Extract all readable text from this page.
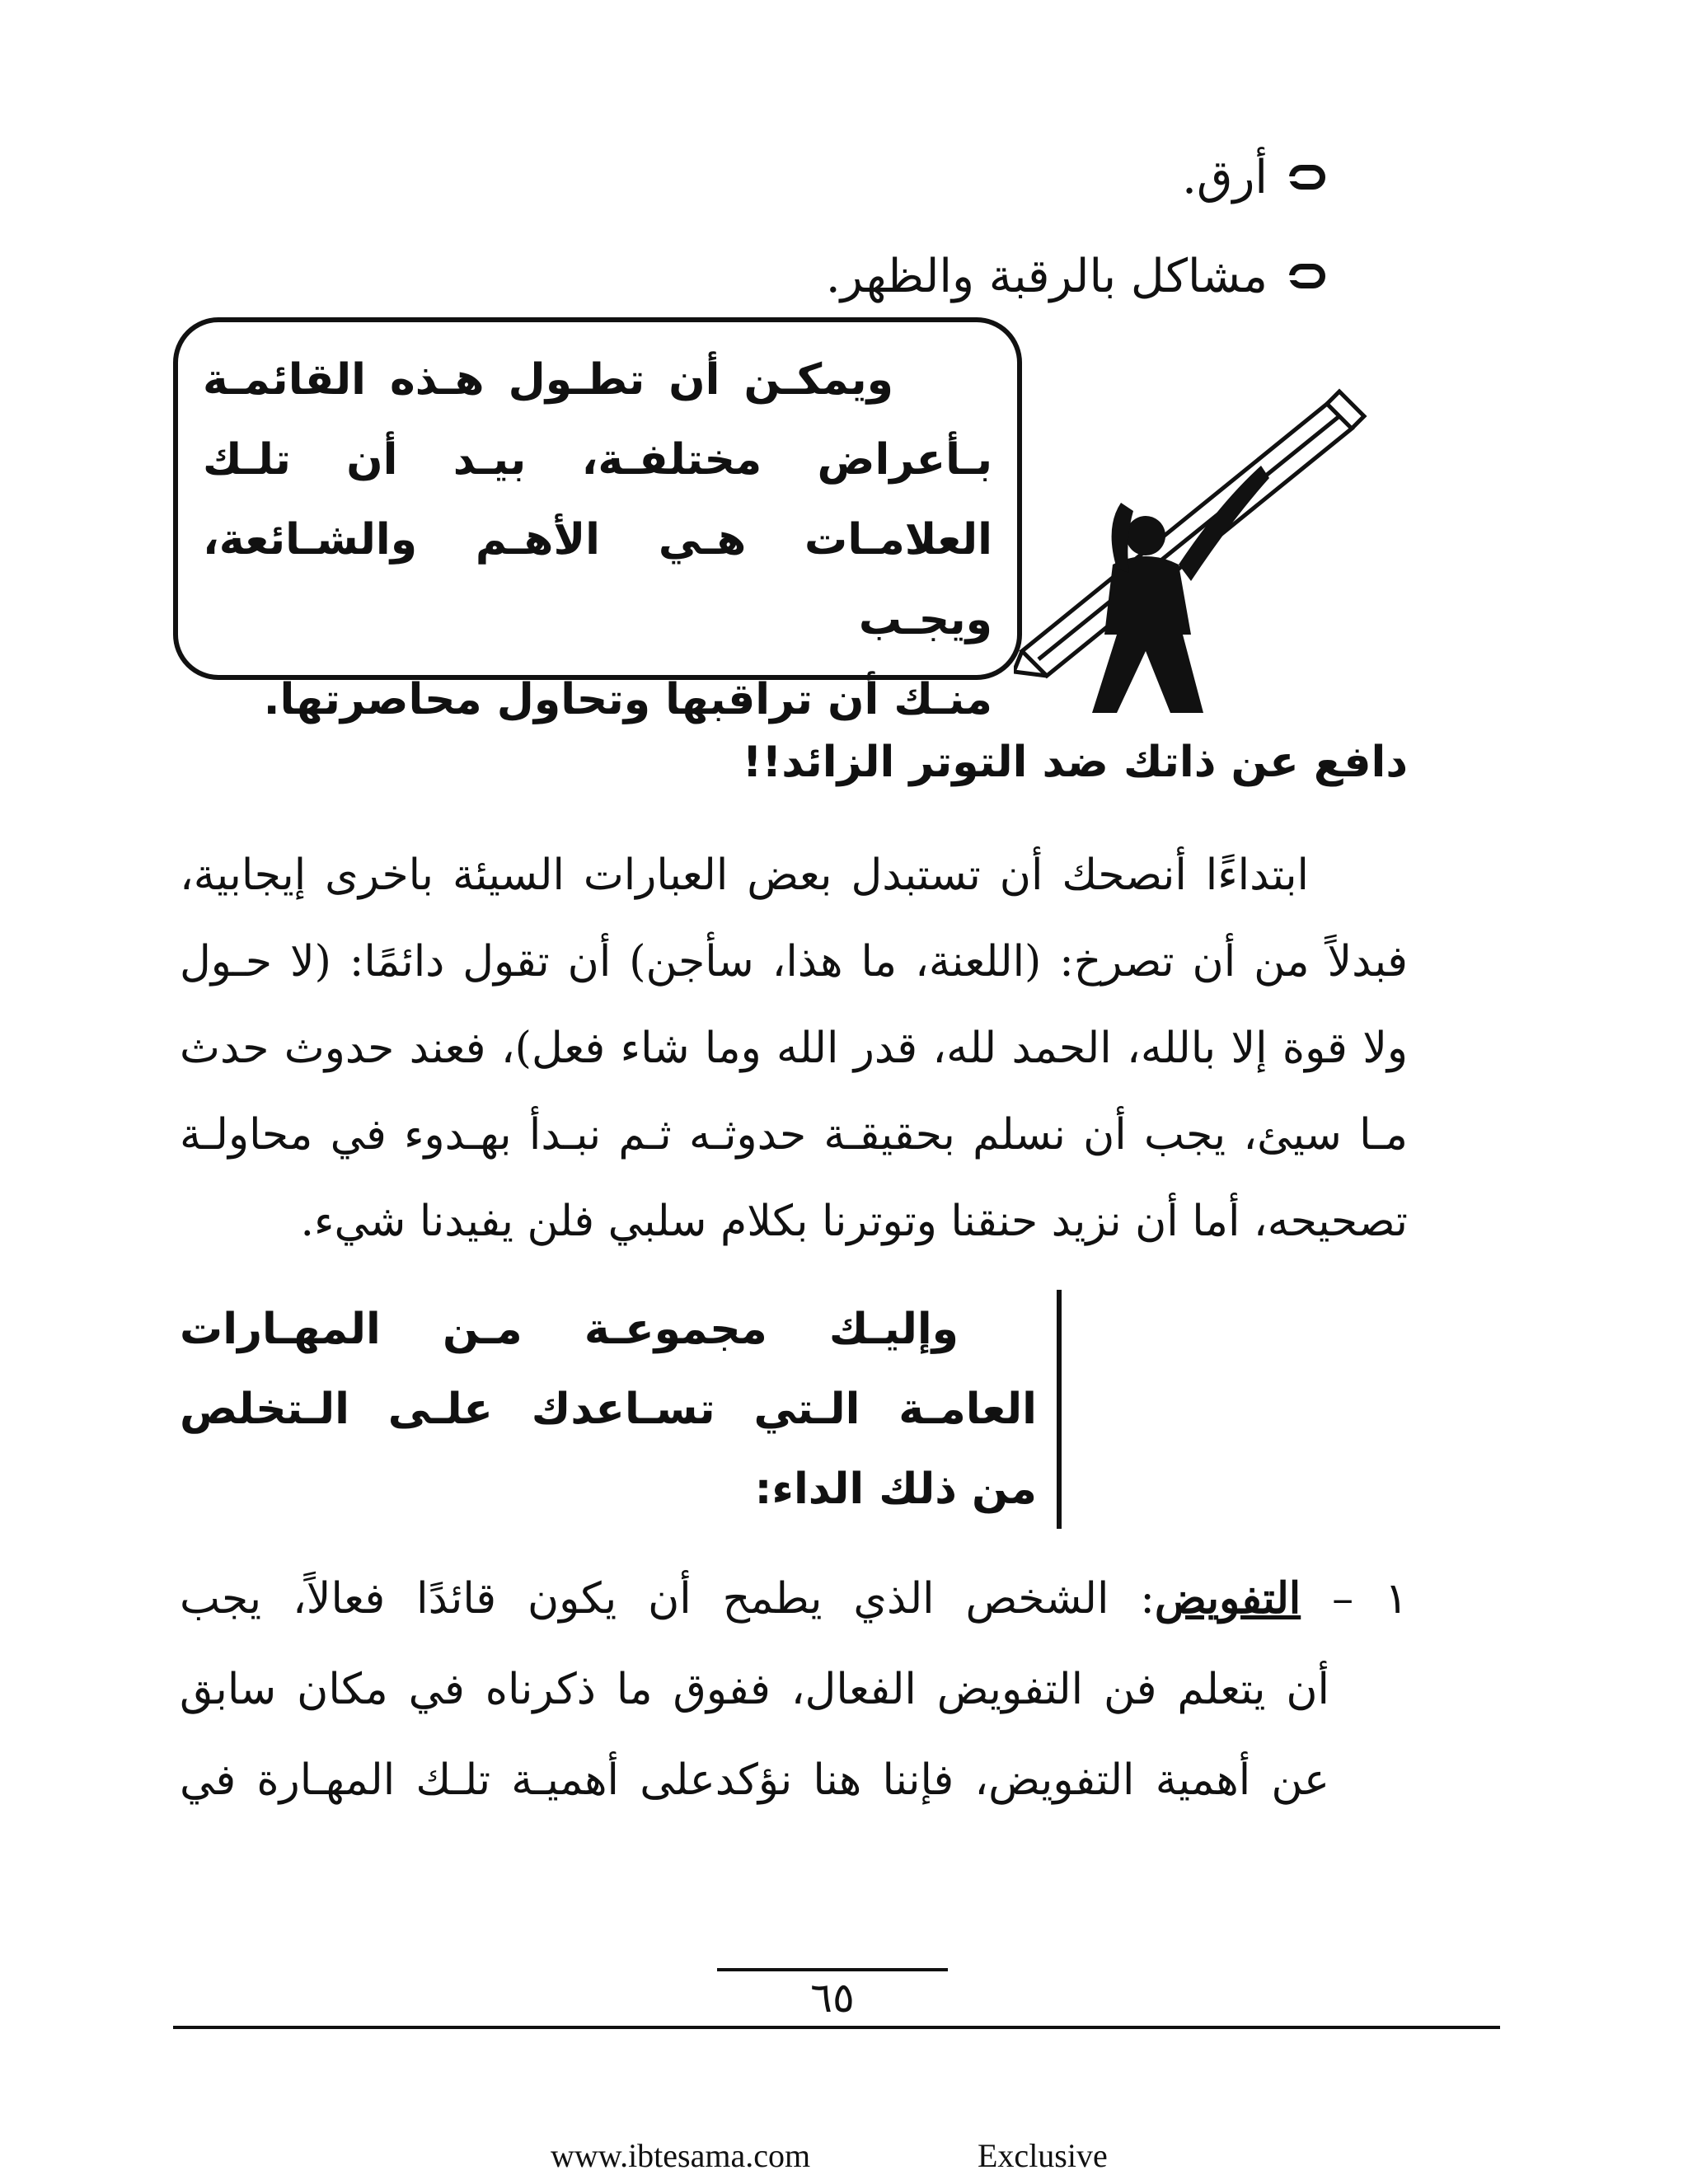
أرق.
مشاكل بالرقبة والظهر.
ويمكـن أن تطـول هـذه القائمـة
بـأعراض مختلفـة، بيـد أن تلـك
العلامـات هـي الأهـم والشـائعة، ويجـب
منـك أن تراقبها وتحاول محاصرتها.
دافع عن ذاتك ضد التوتر الزائد!!
ابتداءًا أنصحك أن تستبدل بعض العبارات السيئة باخرى إيجابية،
فبدلاً من أن تصرخ: (اللعنة، ما هذا، سأجن) أن تقول دائمًا: (لا حـول
ولا قوة إلا بالله، الحمد لله، قدر الله وما شاء فعل)، فعند حدوث حدث
مـا سيئ، يجب أن نسلم بحقيقـة حدوثـه ثـم نبـدأ بهـدوء في محاولـة
تصحيحه، أما أن نزيد حنقنا وتوترنا بكلام سلبي فلن يفيدنا شيء.
وإليـك مجموعـة مـن المهـارات
العامـة الـتي تسـاعدك علـى الـتخلص
من ذلك الداء:
١ – التفويض: الشخص الذي يطمح أن يكون قائدًا فعالاً، يجب
أن يتعلم فن التفويض الفعال، ففوق ما ذكرناه في مكان سابق
عن أهمية التفويض، فإننا هنا نؤكدعلى أهميـة تلـك المهـارة في
٦٥
www.ibtesama.com	Exclusive
